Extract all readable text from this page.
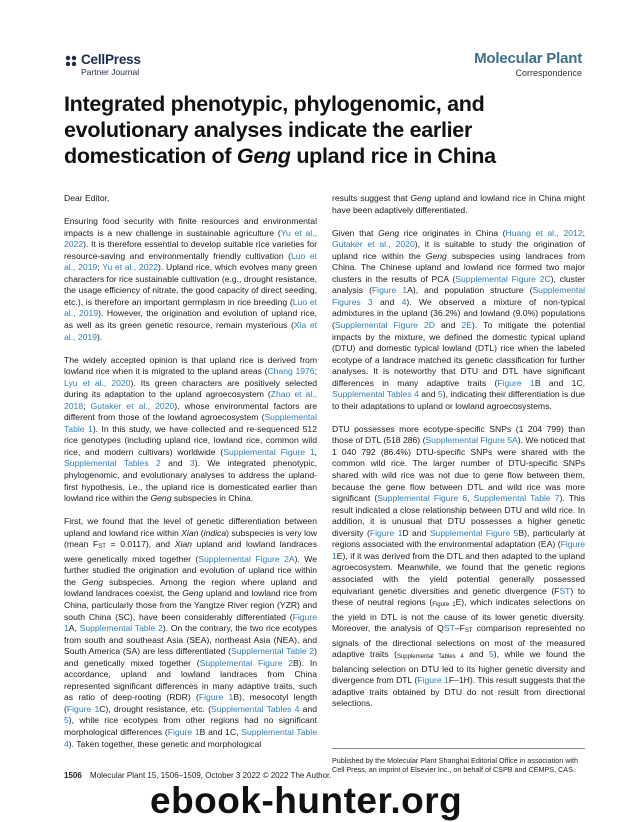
CellPress
Partner Journal
Molecular Plant
Correspondence
Integrated phenotypic, phylogenomic, and
evolutionary analyses indicate the earlier
domestication of Geng upland rice in China

Dear Editor,

Ensuring food security with finite resources and environmental impacts is a new challenge in sustainable agriculture (Yu et al., 2022). It is therefore essential to develop suitable rice varieties for resource-saving and environmentally friendly cultivation (Luo et al., 2019; Yu et al., 2022). Upland rice, which evolves many green characters for rice sustainable cultivation (e.g., drought resistance, the usage efficiency of nitrate, the good capacity of direct seeding, etc.), is therefore an important germplasm in rice breeding (Luo et al., 2019). However, the origination and evolution of upland rice, as well as its green genetic resource, remain mysterious (Xia et al., 2019).

The widely accepted opinion is that upland rice is derived from lowland rice when it is migrated to the upland areas (Chang 1976; Lyu et al., 2020). Its green characters are positively selected during its adaptation to the upland agroecosystem (Zhao et al., 2018; Gutaker et al., 2020), whose environmental factors are different from those of the lowland agroecosystem (Supplemental Table 1). In this study, we have collected and re-sequenced 512 rice genotypes (including upland rice, lowland rice, common wild rice, and modern cultivars) worldwide (Supplemental Figure 1, Supplemental Tables 2 and 3). We integrated phenotypic, phylogenomic, and evolutionary analyses to address the upland-first hypothesis, i.e., the upland rice is domesticated earlier than lowland rice within the Geng subspecies in China.

First, we found that the level of genetic differentiation between upland and lowland rice within Xian (indica) subspecies is very low (mean $F_{ST} = 0.0117$), and Xian upland and lowland landraces were genetically mixed together (Supplemental Figure 2A). We further studied the origination and evolution of upland rice within the Geng subspecies. Among the region where upland and lowland landraces coexist, the Geng upland and lowland rice from China, particularly those from the Yangtze River region (YZR) and south China (SC), have been considerably differentiated (Figure 1A, Supplemental Table 2). On the contrary, the two rice ecotypes from south and southeast Asia (SEA), northeast Asia (NEA), and South America (SA) are less differentiated (Supplemental Table 2) and genetically mixed together (Supplemental Figure 2B). In accordance, upland and lowland landraces from China represented significant differences in many adaptive traits, such as ratio of deep-rooting (RDR) (Figure 1B), mesocotyl length (Figure 1C), drought resistance, etc. (Supplemental Tables 4 and 5), while rice ecotypes from other regions had no significant morphological differences (Figure 1B and 1C, Supplemental Table 4). Taken together, these genetic and morphological

results suggest that Geng upland and lowland rice in China might have been adaptively differentiated.

Given that Geng rice originates in China (Huang et al., 2012; Gutaker et al., 2020), it is suitable to study the origination of upland rice within the Geng subspecies using landraces from China. The Chinese upland and lowland rice formed two major clusters in the results of PCA (Supplemental Figure 2C), cluster analysis (Figure 1A), and population structure (Supplemental Figures 3 and 4). We observed a mixture of non-typical admixtures in the upland (36.2%) and lowland (9.0%) populations (Supplemental Figure 2D and 2E). To mitigate the potential impacts by the mixture, we defined the domestic typical upland (DTU) and domestic typical lowland (DTL) rice when the labeled ecotype of a landrace matched its genetic classification for further analyses. It is noteworthy that DTU and DTL have significant differences in many adaptive traits (Figure 1B and 1C, Supplemental Tables 4 and 5), indicating their differentiation is due to their adaptations to upland or lowland agroecosystems.

DTU possesses more ecotype-specific SNPs (1 204 799) than those of DTL (518 286) (Supplemental Figure 5A). We noticed that 1 040 792 (86.4%) DTU-specific SNPs were shared with the common wild rice. The larger number of DTU-specific SNPs shared with wild rice was not due to gene flow between them, because the gene flow between DTL and wild rice was more significant (Supplemental Figure 6, Supplemental Table 7). This result indicated a close relationship between DTU and wild rice. In addition, it is unusual that DTU possesses a higher genetic diversity (Figure 1D and Supplemental Figure 5B), particularly at regions associated with the environmental adaptation (EA) (Figure 1E), if it was derived from the DTL and then adapted to the upland agroecosystem. Meanwhile, we found that the genetic regions associated with the yield potential generally possessed equivariant genetic diversities and genetic divergence (FST) to these of neutral regions $(_{Figure 1}E)$, which indicates selections on the yield in DTL is not the cause of its lower genetic diversity. Moreover, the analysis of QST–$F_{ST}$ comparison represented no signals of the directional selections on most of the measured adaptive traits ($_{Supplemental Tables 4}$ and 5), while we found the balancing selection on DTU led to its higher genetic diversity and divergence from DTL (Figure 1F–1H). This result suggests that the adaptive traits obtained by DTU do not result from directional selections.

Published by the Molecular Plant Shanghai Editorial Office in association with Cell Press, an imprint of Elsevier Inc., on behalf of CSPB and CEMPS, CAS.
1506 Molecular Plant 15, 1506–1509, October 3 2022 © 2022 The Author.
ebook-hunter.org
